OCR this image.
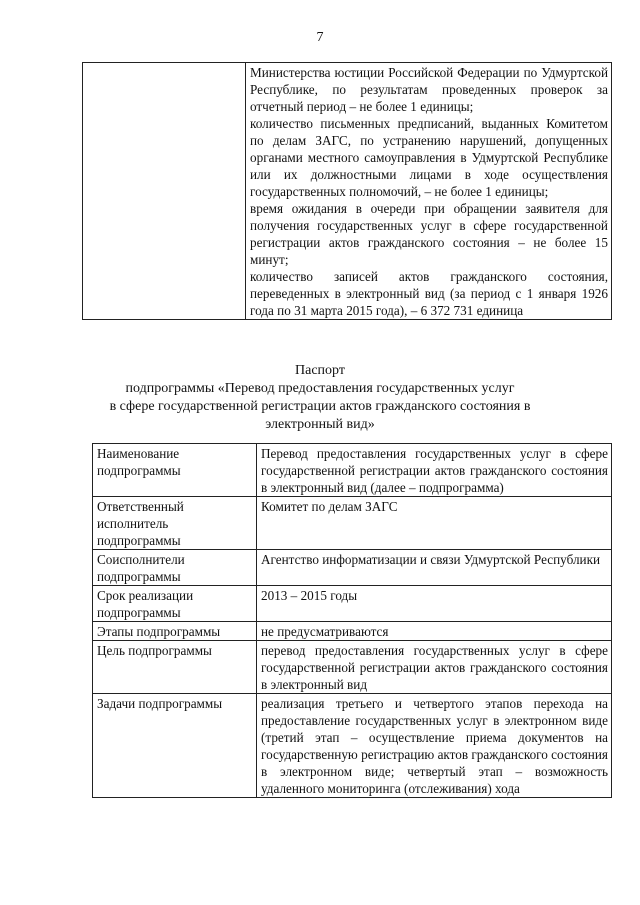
7

Министерства юстиции Российской Федерации по Удмуртской Республике, по результатам проведенных проверок за отчетный период – не более 1 единицы;
количество письменных предписаний, выданных Комитетом по делам ЗАГС, по устранению нарушений, допущенных органами местного самоуправления в Удмуртской Республике или их должностными лицами в ходе осуществления государственных полномочий, – не более 1 единицы;
время ожидания в очереди при обращении заявителя для получения государственных услуг в сфере государственной регистрации актов гражданского состояния – не более 15 минут;
количество записей актов гражданского состояния, переведенных в электронный вид (за период с 1 января 1926 года по 31 марта 2015 года), – 6 372 731 единица
Паспорт
подпрограммы «Перевод предоставления государственных услуг
в сфере государственной регистрации актов гражданского состояния в
электронный вид»
Наименование подпрограммы	Перевод предоставления государственных услуг в сфере государственной регистрации актов гражданского состояния в электронный вид (далее – подпрограмма)
Ответственный исполнитель подпрограммы	Комитет по делам ЗАГС
Соисполнители подпрограммы	Агентство информатизации и связи Удмуртской Республики
Срок реализации подпрограммы	2013 – 2015 годы
Этапы подпрограммы	не предусматриваются
Цель подпрограммы	перевод предоставления государственных услуг в сфере государственной регистрации актов гражданского состояния в электронный вид
Задачи подпрограммы	реализация третьего и четвертого этапов перехода на предоставление государственных услуг в электронном виде (третий этап – осуществление приема документов на государственную регистрацию актов гражданского состояния в электронном виде; четвертый этап – возможность удаленного мониторинга (отслеживания) хода
